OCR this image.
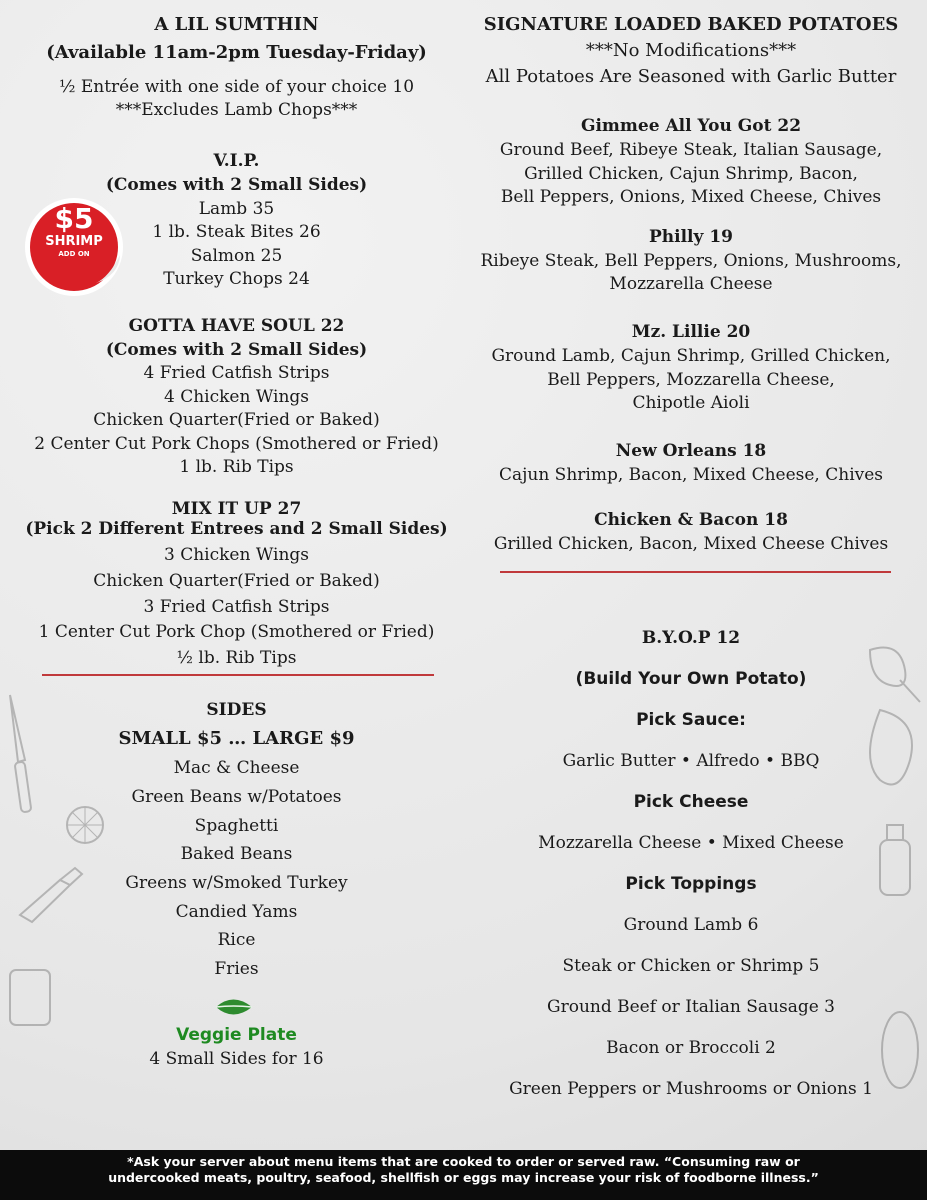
A LIL SUMTHIN
(Available 11am-2pm Tuesday-Friday)
½ Entrée with one side of your choice 10
***Excludes Lamb Chops***
V.I.P.
(Comes with 2 Small Sides)
Lamb 35
1 lb. Steak Bites 26
Salmon 25
Turkey Chops 24
GOTTA HAVE SOUL 22
(Comes with 2 Small Sides)
4 Fried Catfish Strips
4 Chicken Wings
Chicken Quarter(Fried or Baked)
2 Center Cut Pork Chops (Smothered or Fried)
1 lb. Rib Tips
MIX IT UP 27
(Pick 2 Different Entrees and 2 Small Sides)
3 Chicken Wings
Chicken Quarter(Fried or Baked)
3 Fried Catfish Strips
1 Center Cut Pork Chop (Smothered or Fried)
½ lb. Rib Tips
SIDES
SMALL $5 … LARGE $9
Mac & Cheese
Green Beans w/Potatoes
Spaghetti
Baked Beans
Greens w/Smoked Turkey
Candied Yams
Rice
Fries
Veggie Plate
4 Small Sides for 16
$5
SHRIMP
ADD ON
SIGNATURE LOADED BAKED POTATOES
***No Modifications***
All Potatoes Are Seasoned with Garlic Butter
Gimmee All You Got 22
Ground Beef, Ribeye Steak, Italian Sausage,
Grilled Chicken, Cajun Shrimp, Bacon,
Bell Peppers, Onions, Mixed Cheese, Chives
Philly 19
Ribeye Steak, Bell Peppers, Onions, Mushrooms,
Mozzarella Cheese
Mz. Lillie 20
Ground Lamb, Cajun Shrimp, Grilled Chicken,
Bell Peppers, Mozzarella Cheese,
Chipotle Aioli
New Orleans 18
Cajun Shrimp, Bacon, Mixed Cheese, Chives
Chicken & Bacon 18
Grilled Chicken, Bacon, Mixed Cheese Chives
B.Y.O.P 12
(Build Your Own Potato)
Pick Sauce:
Garlic Butter • Alfredo • BBQ
Pick Cheese
Mozzarella Cheese • Mixed Cheese
Pick Toppings
Ground Lamb 6
Steak or Chicken or Shrimp 5
Ground Beef or Italian Sausage 3
Bacon or Broccoli 2
Green Peppers or Mushrooms or Onions 1
*Ask your server about menu items that are cooked to order or served raw. “Consuming raw or
undercooked meats, poultry, seafood, shellfish or eggs may increase your risk of foodborne illness.”
